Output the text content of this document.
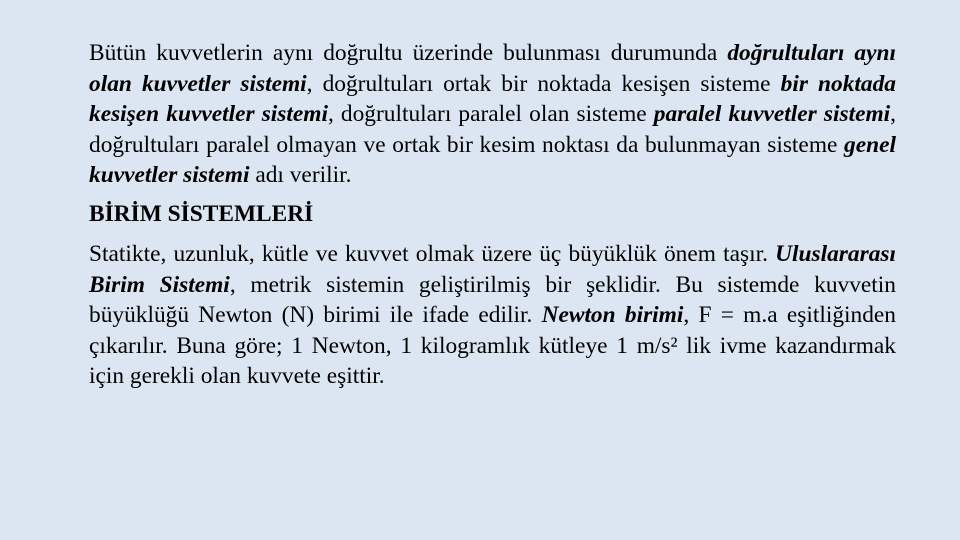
Bütün kuvvetlerin aynı doğrultu üzerinde bulunması durumunda doğrultuları aynı olan kuvvetler sistemi, doğrultuları ortak bir noktada kesişen sisteme bir noktada kesişen kuvvetler sistemi, doğrultuları paralel olan sisteme paralel kuvvetler sistemi, doğrultuları paralel olmayan ve ortak bir kesim noktası da bulunmayan sisteme genel kuvvetler sistemi adı verilir.

BİRİM SİSTEMLERİ

Statikte, uzunluk, kütle ve kuvvet olmak üzere üç büyüklük önem taşır. Uluslararası Birim Sistemi, metrik sistemin geliştirilmiş bir şeklidir. Bu sistemde kuvvetin büyüklüğü Newton (N) birimi ile ifade edilir. Newton birimi, F = m.a eşitliğinden çıkarılır. Buna göre; 1 Newton, 1 kilogramlık kütleye 1 m/s² lik ivme kazandırmak için gerekli olan kuvvete eşittir.
